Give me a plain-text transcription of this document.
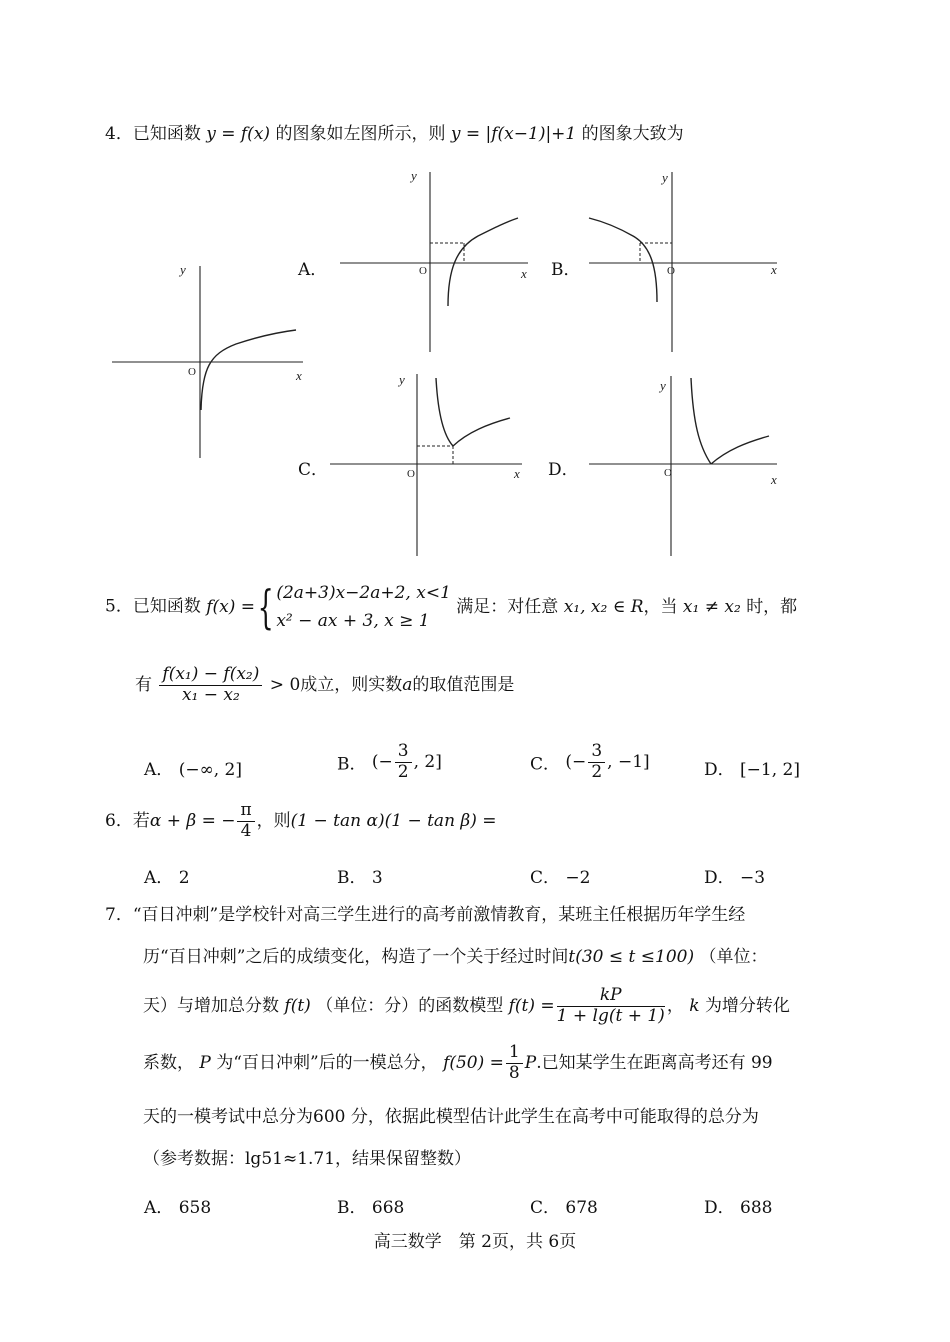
4．已知函数 y = f(x) 的图象如左图所示，则 y = |f(x−1)|+1 的图象大致为
x
y
O
A．	x
y
O	B．	x
y
O
C．	x
y
O	D．	x
y
O
5．已知函数 f(x) ={ (2a+3)x−2a+2, x<1
x² − ax + 3, x ≥ 1
满足：对任意 x₁, x₂ ∈ R，当 x₁ ≠ x₂ 时，都
有 $\frac{\text{f(x₁) − f(x₂)}}{\text{x₁ − x₂}} > 0$成立，则实数a的取值范围是
A． (−∞, 2]	B． (− $\frac{3}{2}$ , 2]	C． (− $\frac{3}{2}$ , −1]	D． [−1, 2]
6．若α + β = − $\frac{\pi}{4}$ ，则(1 − tan α)(1 − tan β) =
A． 2	B． 3	C． −2	D． −3
7．“百日冲刺”是学校针对高三学生进行的高考前激情教育，某班主任根据历年学生经
历“百日冲刺”之后的成绩变化，构造了一个关于经过时间t(30 ≤ t ≤100) （单位：
天）与增加总分数 f(t) （单位：分）的函数模型 $f(t) = \frac{kP}{1 + \lg(t + 1)}$ ， k 为增分转化
系数， P 为“百日冲刺”后的一模总分， $f(50) = \frac{1}{8} P$.已知某学生在距离高考还有 99
天的一模考试中总分为600 分，依据此模型估计此学生在高考中可能取得的总分为
（参考数据：lg51≈1.71，结果保留整数）
A． 658	B． 668	C． 678	D． 688
高三数学　第 2页，共 6页
